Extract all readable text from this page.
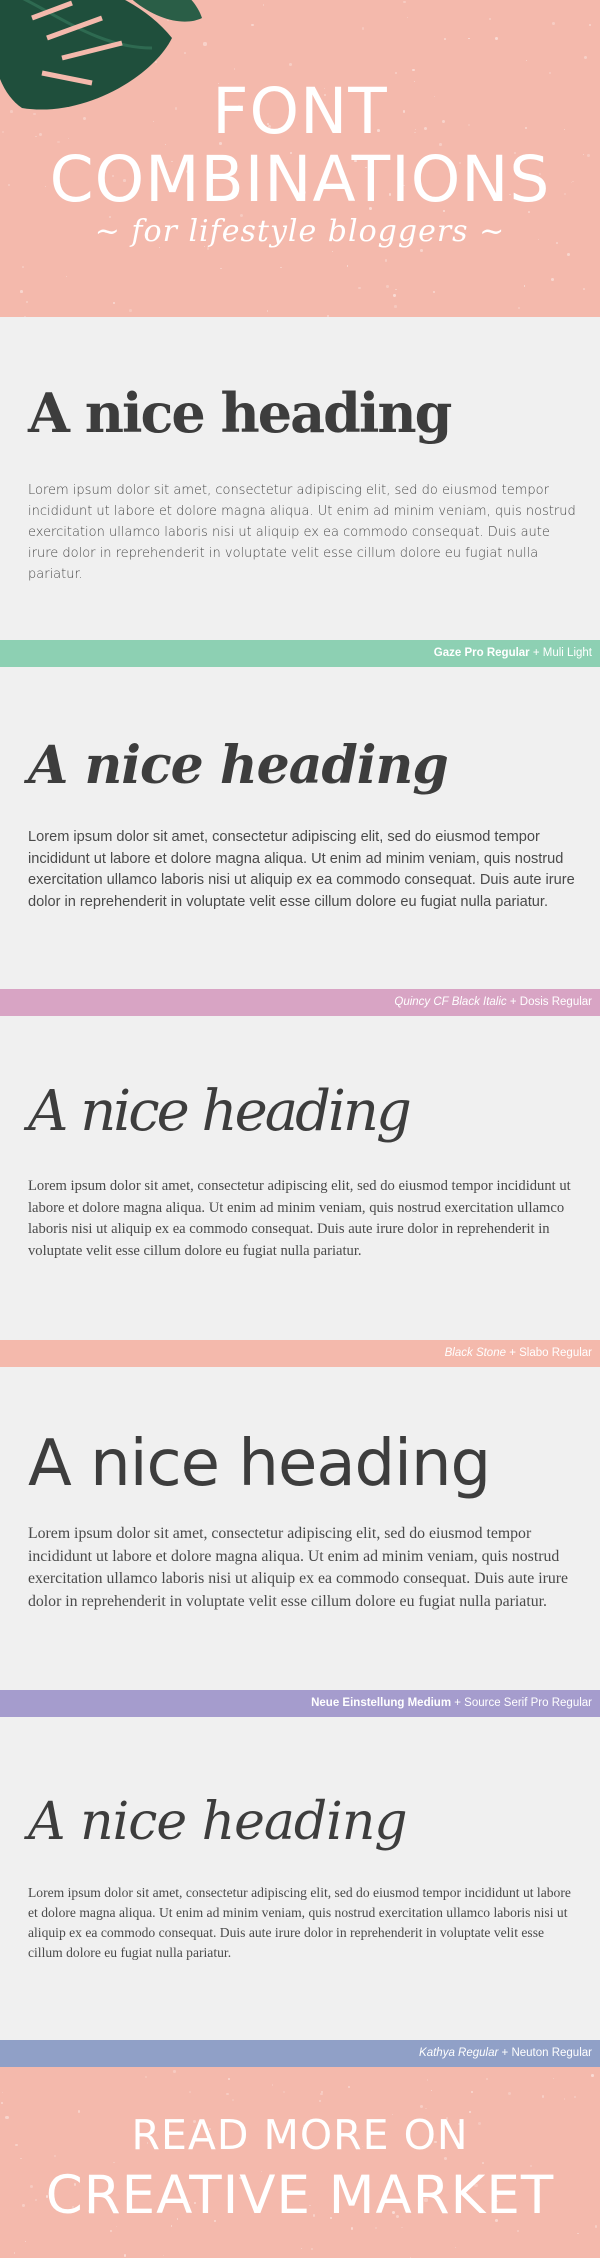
FONT
COMBINATIONS
~ for lifestyle bloggers ~
A nice heading
Lorem ipsum dolor sit amet, consectetur adipiscing elit, sed do eiusmod tempor incididunt ut labore et dolore magna aliqua. Ut enim ad minim veniam, quis nostrud exercitation ullamco laboris nisi ut aliquip ex ea commodo consequat. Duis aute irure dolor in reprehenderit in voluptate velit esse cillum dolore eu fugiat nulla pariatur.
Gaze Pro Regular + Muli Light
A nice heading
Lorem ipsum dolor sit amet, consectetur adipiscing elit, sed do eiusmod tempor incididunt ut labore et dolore magna aliqua. Ut enim ad minim veniam, quis nostrud exercitation ullamco laboris nisi ut aliquip ex ea commodo consequat. Duis aute irure dolor in reprehenderit in voluptate velit esse cillum dolore eu fugiat nulla pariatur.
Quincy CF Black Italic + Dosis Regular
A nice heading
Lorem ipsum dolor sit amet, consectetur adipiscing elit, sed do eiusmod tempor incididunt ut labore et dolore magna aliqua. Ut enim ad minim veniam, quis nostrud exercitation ullamco laboris nisi ut aliquip ex ea commodo consequat. Duis aute irure dolor in reprehenderit in voluptate velit esse cillum dolore eu fugiat nulla pariatur.
Black Stone + Slabo Regular
A nice heading
Lorem ipsum dolor sit amet, consectetur adipiscing elit, sed do eiusmod tempor incididunt ut labore et dolore magna aliqua. Ut enim ad minim veniam, quis nostrud exercitation ullamco laboris nisi ut aliquip ex ea commodo consequat. Duis aute irure dolor in reprehenderit in voluptate velit esse cillum dolore eu fugiat nulla pariatur.
Neue Einstellung Medium + Source Serif Pro Regular
A nice heading
Lorem ipsum dolor sit amet, consectetur adipiscing elit, sed do eiusmod tempor incididunt ut labore et dolore magna aliqua. Ut enim ad minim veniam, quis nostrud exercitation ullamco laboris nisi ut aliquip ex ea commodo consequat. Duis aute irure dolor in reprehenderit in voluptate velit esse cillum dolore eu fugiat nulla pariatur.
Kathya Regular + Neuton Regular
READ MORE ON
CREATIVE MARKET
